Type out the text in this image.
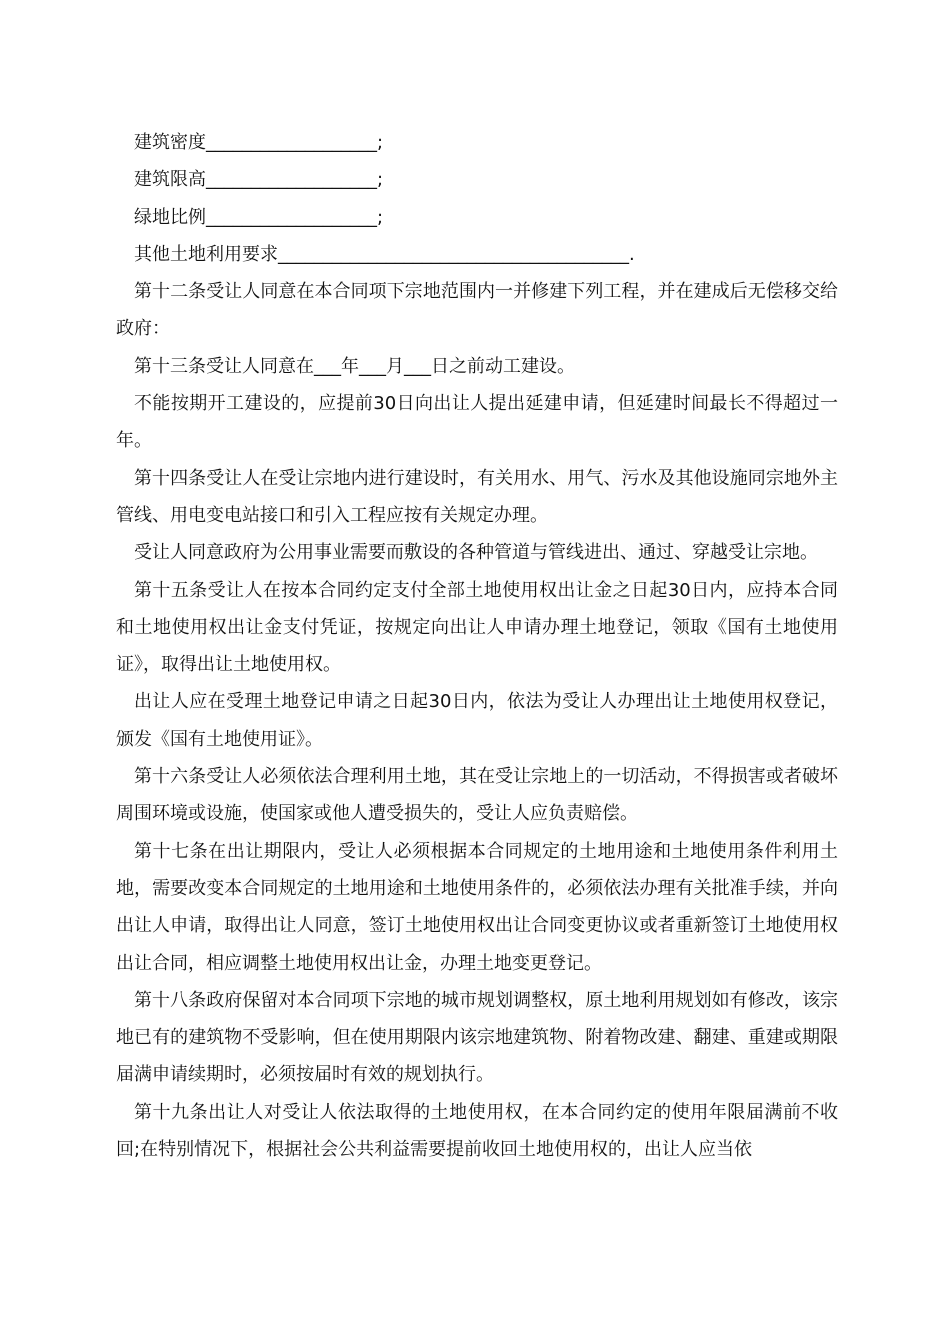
建筑密度___________________;

建筑限高___________________;

绿地比例___________________;

其他土地利用要求_______________________________________.

第十二条受让人同意在本合同项下宗地范围内一并修建下列工程，并在建成后无偿移交给政府：

第十三条受让人同意在___年___月___日之前动工建设。

不能按期开工建设的，应提前30日向出让人提出延建申请，但延建时间最长不得超过一年。

第十四条受让人在受让宗地内进行建设时，有关用水、用气、污水及其他设施同宗地外主管线、用电变电站接口和引入工程应按有关规定办理。

受让人同意政府为公用事业需要而敷设的各种管道与管线进出、通过、穿越受让宗地。

第十五条受让人在按本合同约定支付全部土地使用权出让金之日起30日内，应持本合同和土地使用权出让金支付凭证，按规定向出让人申请办理土地登记，领取《国有土地使用证》，取得出让土地使用权。

出让人应在受理土地登记申请之日起30日内，依法为受让人办理出让土地使用权登记，颁发《国有土地使用证》。

第十六条受让人必须依法合理利用土地，其在受让宗地上的一切活动，不得损害或者破坏周围环境或设施，使国家或他人遭受损失的，受让人应负责赔偿。

第十七条在出让期限内，受让人必须根据本合同规定的土地用途和土地使用条件利用土地，需要改变本合同规定的土地用途和土地使用条件的，必须依法办理有关批准手续，并向出让人申请，取得出让人同意，签订土地使用权出让合同变更协议或者重新签订土地使用权出让合同，相应调整土地使用权出让金，办理土地变更登记。

第十八条政府保留对本合同项下宗地的城市规划调整权，原土地利用规划如有修改，该宗地已有的建筑物不受影响，但在使用期限内该宗地建筑物、附着物改建、翻建、重建或期限届满申请续期时，必须按届时有效的规划执行。

第十九条出让人对受让人依法取得的土地使用权，在本合同约定的使用年限届满前不收回;在特别情况下，根据社会公共利益需要提前收回土地使用权的，出让人应当依
